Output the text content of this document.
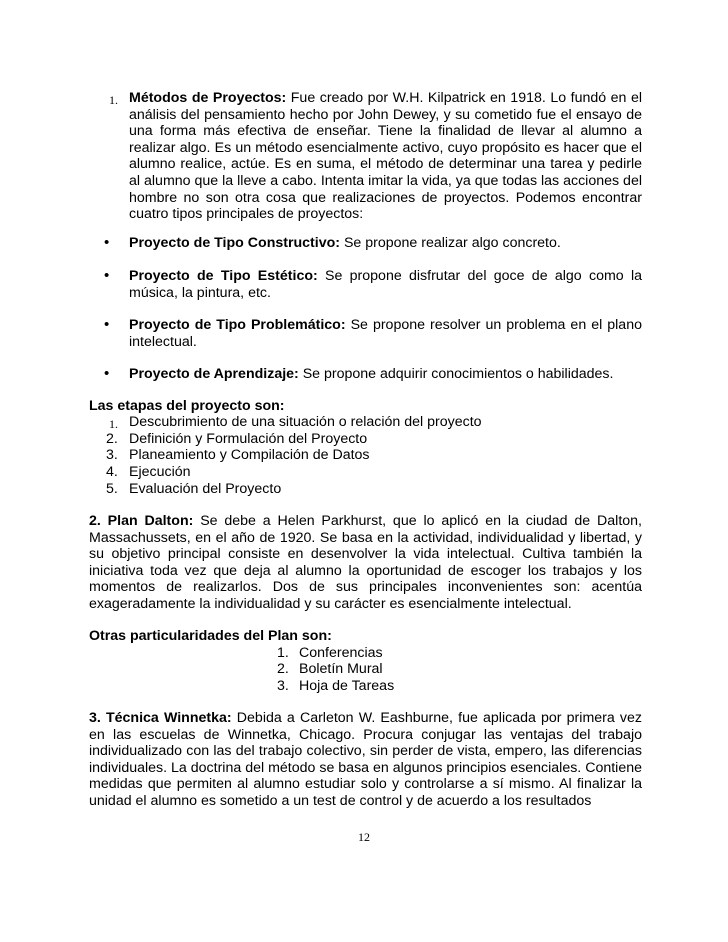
1. Métodos de Proyectos: Fue creado por W.H. Kilpatrick en 1918. Lo fundó en el análisis del pensamiento hecho por John Dewey, y su cometido fue el ensayo de una forma más efectiva de enseñar. Tiene la finalidad de llevar al alumno a realizar algo. Es un método esencialmente activo, cuyo propósito es hacer que el alumno realice, actúe. Es en suma, el método de determinar una tarea y pedirle al alumno que la lleve a cabo. Intenta imitar la vida, ya que todas las acciones del hombre no son otra cosa que realizaciones de proyectos. Podemos encontrar cuatro tipos principales de proyectos:
• Proyecto de Tipo Constructivo: Se propone realizar algo concreto.
• Proyecto de Tipo Estético: Se propone disfrutar del goce de algo como la música, la pintura, etc.
• Proyecto de Tipo Problemático: Se propone resolver un problema en el plano intelectual.
• Proyecto de Aprendizaje: Se propone adquirir conocimientos o habilidades.
Las etapas del proyecto son:
1. Descubrimiento de una situación o relación del proyecto
2. Definición y Formulación del Proyecto
3. Planeamiento y Compilación de Datos
4. Ejecución
5. Evaluación del Proyecto
2. Plan Dalton: Se debe a Helen Parkhurst, que lo aplicó en la ciudad de Dalton, Massachussets, en el año de 1920. Se basa en la actividad, individualidad y libertad, y su objetivo principal consiste en desenvolver la vida intelectual. Cultiva también la iniciativa toda vez que deja al alumno la oportunidad de escoger los trabajos y los momentos de realizarlos. Dos de sus principales inconvenientes son: acentúa exageradamente la individualidad y su carácter es esencialmente intelectual.
Otras particularidades del Plan son:
1. Conferencias
2. Boletín Mural
3. Hoja de Tareas
3. Técnica Winnetka: Debida a Carleton W. Eashburne, fue aplicada por primera vez en las escuelas de Winnetka, Chicago. Procura conjugar las ventajas del trabajo individualizado con las del trabajo colectivo, sin perder de vista, empero, las diferencias individuales. La doctrina del método se basa en algunos principios esenciales. Contiene medidas que permiten al alumno estudiar solo y controlarse a sí mismo. Al finalizar la unidad el alumno es sometido a un test de control y de acuerdo a los resultados
12
